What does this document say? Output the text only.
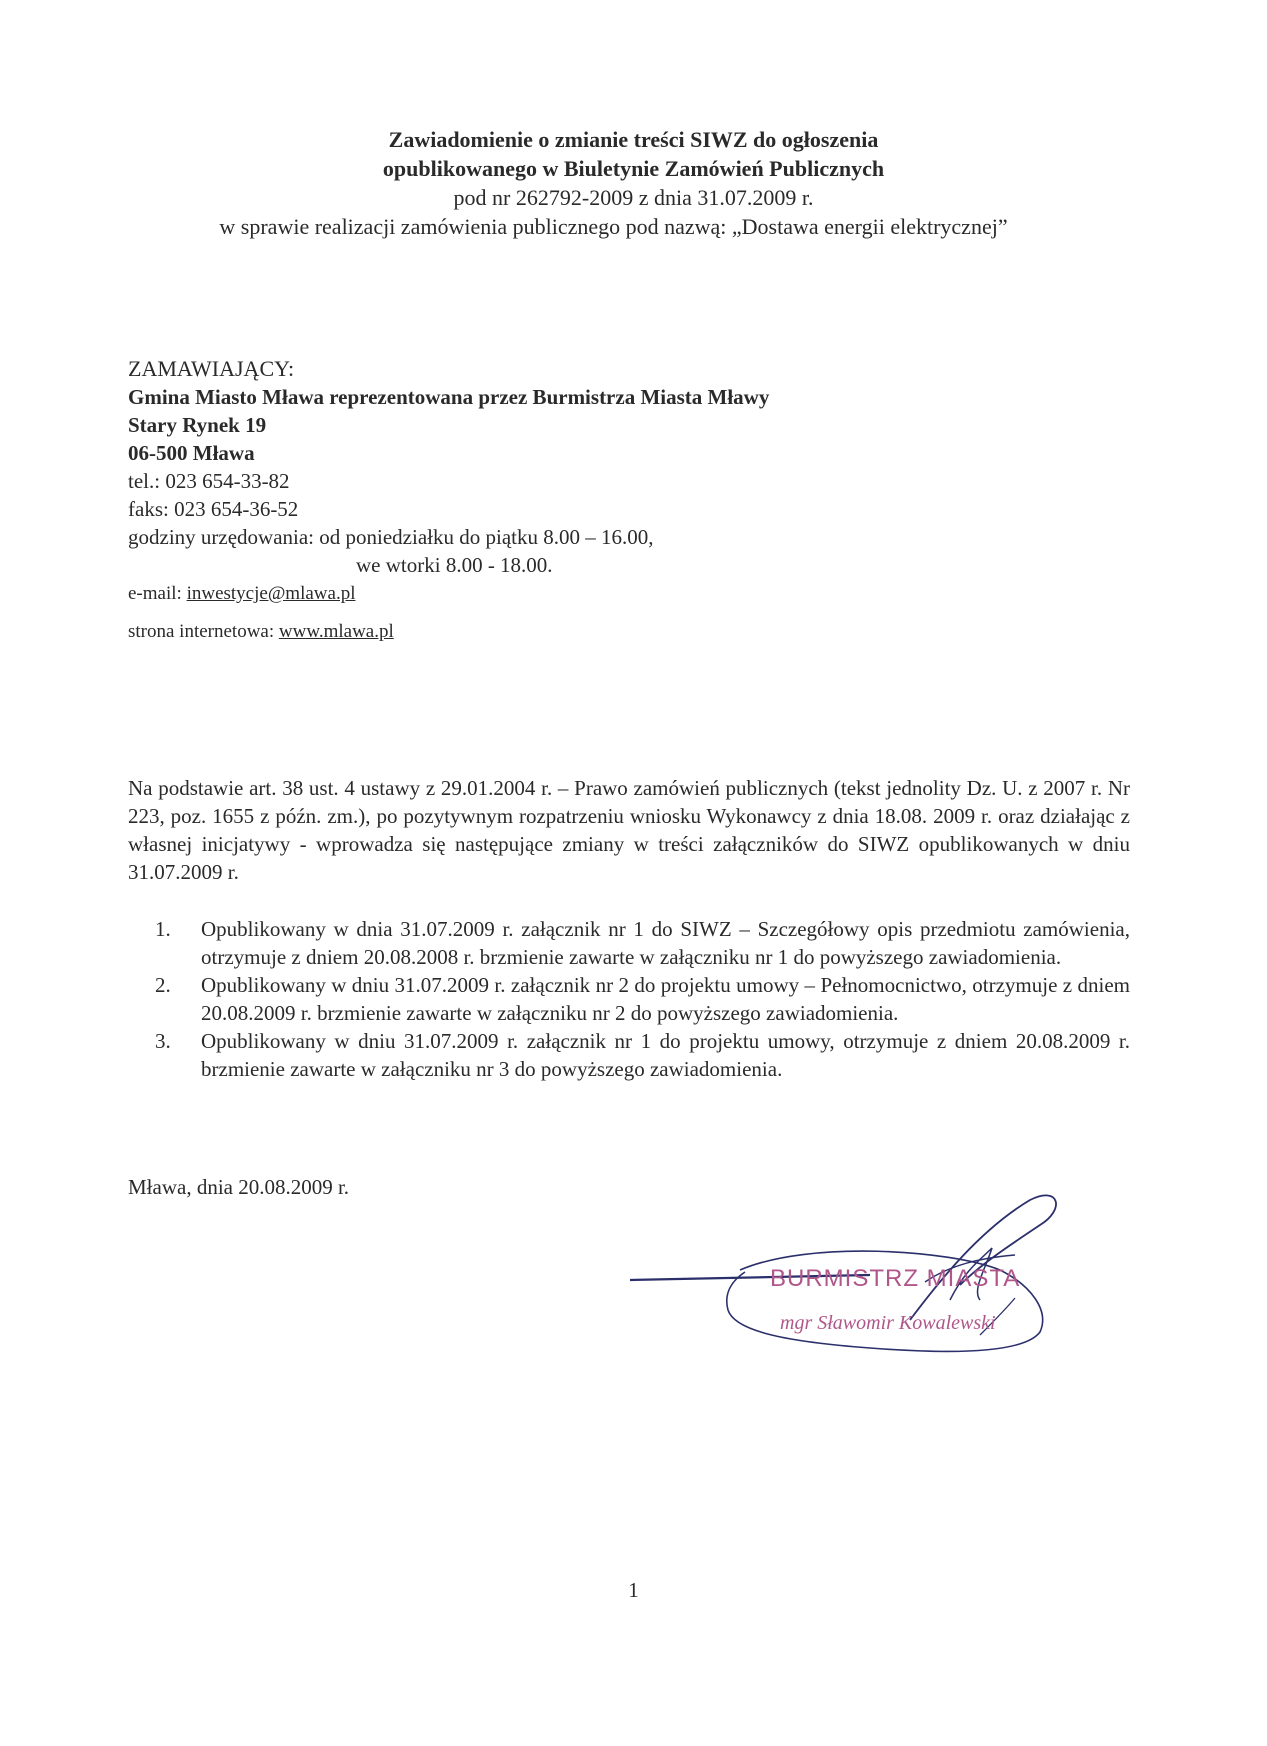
Zawiadomienie o zmianie treści SIWZ do ogłoszenia
opublikowanego w Biuletynie Zamówień Publicznych
pod nr 262792-2009 z dnia 31.07.2009 r.
w sprawie realizacji zamówienia publicznego pod nazwą: „Dostawa energii elektrycznej”
ZAMAWIAJĄCY:
Gmina Miasto Mława reprezentowana przez Burmistrza Miasta Mławy
Stary Rynek 19
06-500 Mława
tel.: 023 654-33-82
faks: 023 654-36-52
godziny urzędowania: od poniedziałku do piątku 8.00 – 16.00,
we wtorki 8.00 - 18.00.
e-mail: inwestycje@mlawa.pl
strona internetowa: www.mlawa.pl
Na podstawie art. 38 ust. 4 ustawy z 29.01.2004 r. – Prawo zamówień publicznych (tekst jednolity Dz. U. z 2007 r. Nr 223, poz. 1655 z późn. zm.), po pozytywnym rozpatrzeniu wniosku Wykonawcy z dnia 18.08. 2009 r. oraz działając z własnej inicjatywy - wprowadza się następujące zmiany w treści załączników do SIWZ opublikowanych w dniu 31.07.2009 r.
1.	Opublikowany w dnia 31.07.2009 r. załącznik nr 1 do SIWZ – Szczegółowy opis przedmiotu zamówienia, otrzymuje z dniem 20.08.2008 r. brzmienie zawarte w załączniku nr 1 do powyższego zawiadomienia.
2.	Opublikowany w dniu 31.07.2009 r. załącznik nr 2 do projektu umowy – Pełnomocnictwo, otrzymuje z dniem 20.08.2009 r. brzmienie zawarte w załączniku nr 2 do powyższego zawiadomienia.
3.	Opublikowany w dniu 31.07.2009 r. załącznik nr 1 do projektu umowy, otrzymuje z dniem 20.08.2009 r. brzmienie zawarte w załączniku nr 3 do powyższego zawiadomienia.
Mława, dnia 20.08.2009 r.
BURMISTRZ MIASTA
mgr Sławomir Kowalewski
1
